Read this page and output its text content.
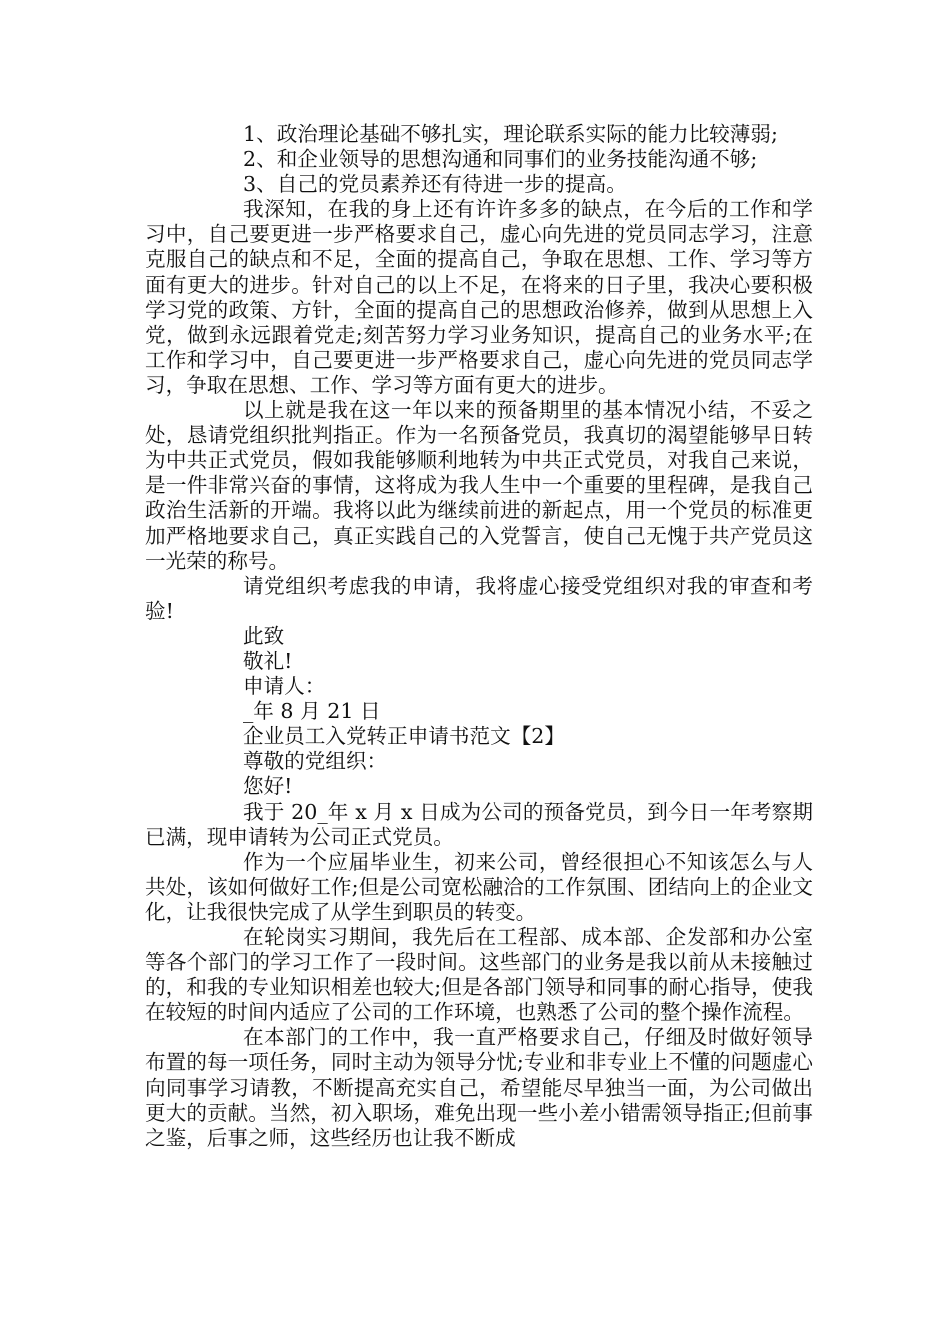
1、政治理论基础不够扎实，理论联系实际的能力比较薄弱;

2、和企业领导的思想沟通和同事们的业务技能沟通不够;

3、自己的党员素养还有待进一步的提高。

我深知，在我的身上还有许许多多的缺点，在今后的工作和学习中，自己要更进一步严格要求自己，虚心向先进的党员同志学习，注意克服自己的缺点和不足，全面的提高自己，争取在思想、工作、学习等方面有更大的进步。针对自己的以上不足，在将来的日子里，我决心要积极学习党的政策、方针，全面的提高自己的思想政治修养，做到从思想上入党，做到永远跟着党走;刻苦努力学习业务知识，提高自己的业务水平;在工作和学习中，自己要更进一步严格要求自己，虚心向先进的党员同志学习，争取在思想、工作、学习等方面有更大的进步。

以上就是我在这一年以来的预备期里的基本情况小结，不妥之处，恳请党组织批判指正。作为一名预备党员，我真切的渴望能够早日转为中共正式党员，假如我能够顺利地转为中共正式党员，对我自己来说，是一件非常兴奋的事情，这将成为我人生中一个重要的里程碑，是我自己政治生活新的开端。我将以此为继续前进的新起点，用一个党员的标准更加严格地要求自己，真正实践自己的入党誓言，使自己无愧于共产党员这一光荣的称号。

请党组织考虑我的申请，我将虚心接受党组织对我的审查和考验!

此致

敬礼!

申请人：

_年 8 月 21 日

企业员工入党转正申请书范文【2】

尊敬的党组织：

您好!

我于 20_年 x 月 x 日成为公司的预备党员，到今日一年考察期已满，现申请转为公司正式党员。

作为一个应届毕业生，初来公司，曾经很担心不知该怎么与人共处，该如何做好工作;但是公司宽松融洽的工作氛围、团结向上的企业文化，让我很快完成了从学生到职员的转变。

在轮岗实习期间，我先后在工程部、成本部、企发部和办公室等各个部门的学习工作了一段时间。这些部门的业务是我以前从未接触过的，和我的专业知识相差也较大;但是各部门领导和同事的耐心指导，使我在较短的时间内适应了公司的工作环境，也熟悉了公司的整个操作流程。

在本部门的工作中，我一直严格要求自己，仔细及时做好领导布置的每一项任务，同时主动为领导分忧;专业和非专业上不懂的问题虚心向同事学习请教，不断提高充实自己，希望能尽早独当一面，为公司做出更大的贡献。当然，初入职场，难免出现一些小差小错需领导指正;但前事之鉴，后事之师，这些经历也让我不断成
